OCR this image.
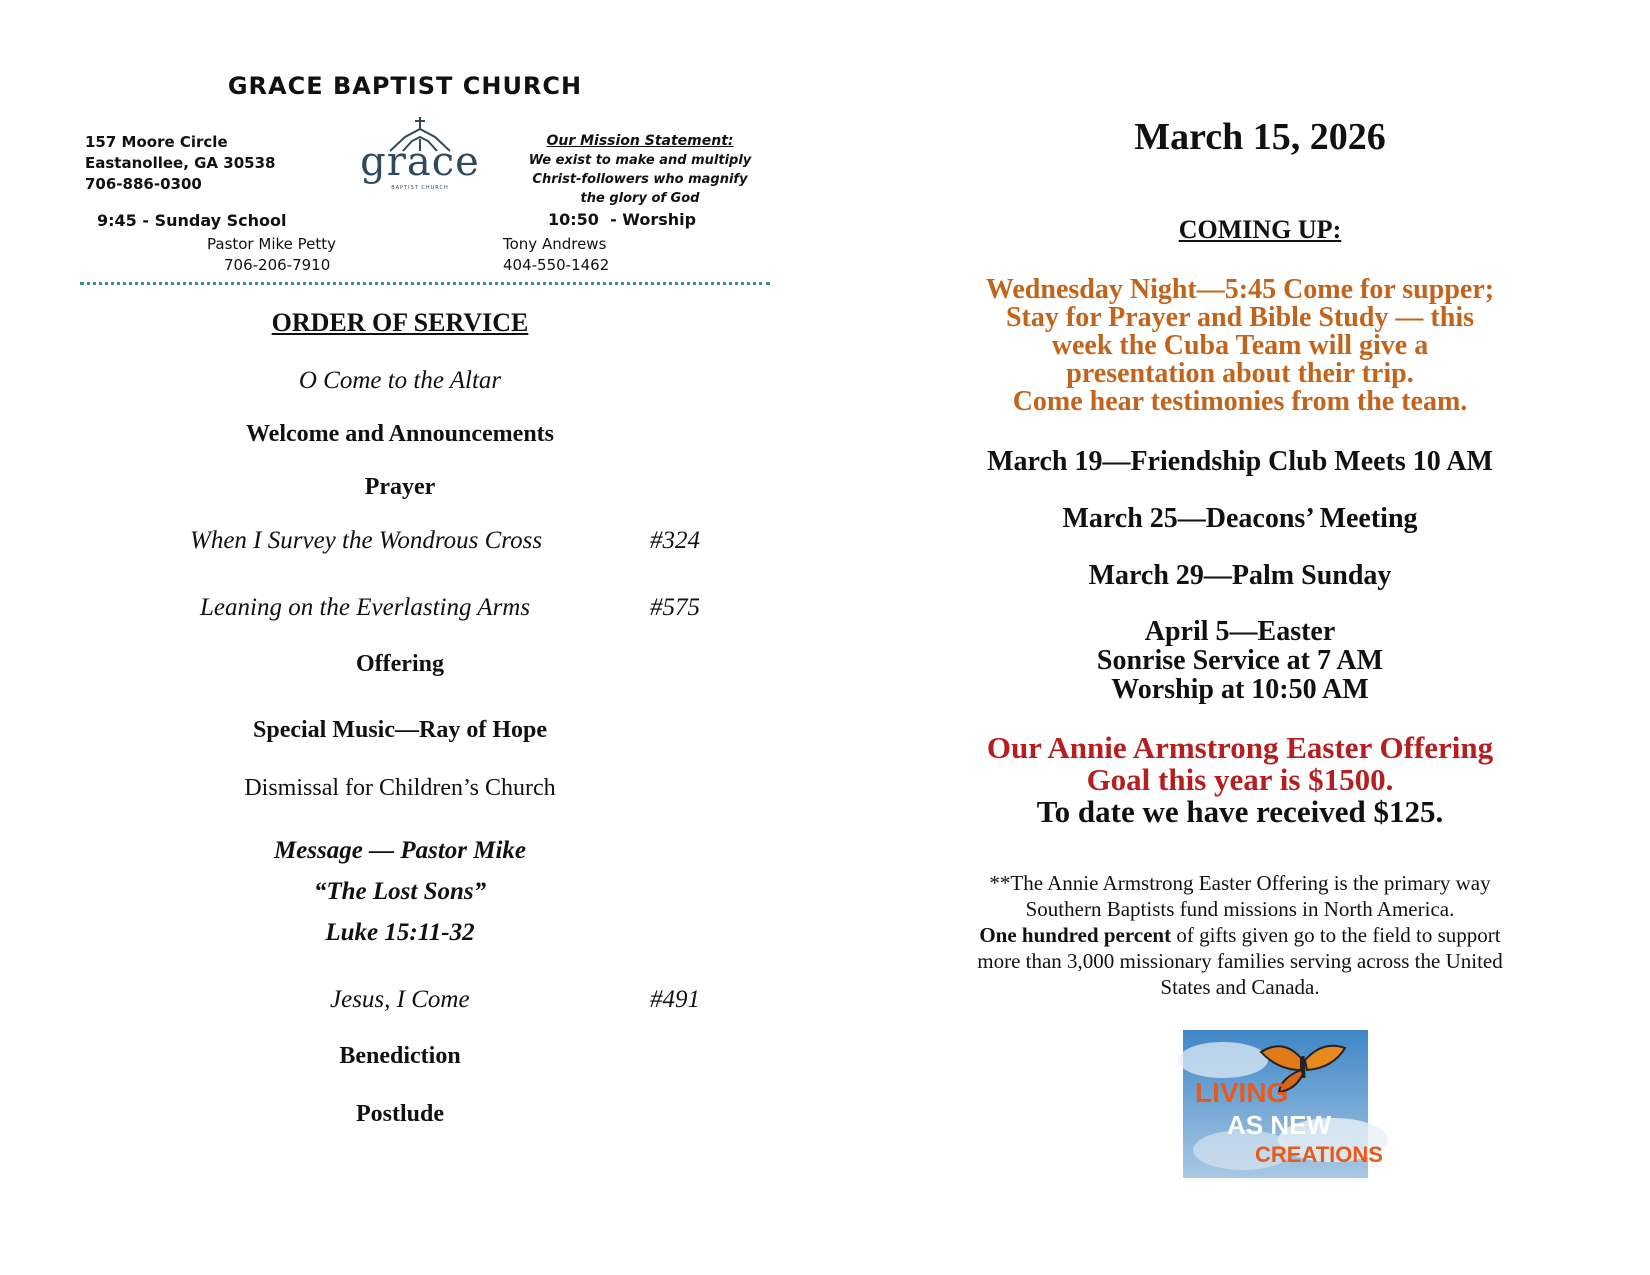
GRACE BAPTIST CHURCH
157 Moore Circle
Eastanollee, GA 30538
706-886-0300	grace
BAPTIST CHURCH
Our Mission Statement:
We exist to make and multiply
Christ-followers who magnify
the glory of God
9:45 - Sunday School	10:50  - Worship
Pastor Mike Petty
706-206-7910
Tony Andrews
404-550-1462
ORDER OF SERVICE
O Come to the Altar
Welcome and Announcements
Prayer
When I Survey the Wondrous Cross	#324
Leaning on the Everlasting Arms	#575
Offering
Special Music—Ray of Hope
Dismissal for Children’s Church
Message — Pastor Mike
“The Lost Sons”
Luke 15:11-32
Jesus, I Come	#491
Benediction
Postlude
March 15, 2026
COMING UP:
Wednesday Night—5:45 Come for supper;
Stay for Prayer and Bible Study — this
week the Cuba Team will give a
presentation about their trip.
Come hear testimonies from the team.
March 19—Friendship Club Meets 10 AM
March 25—Deacons’ Meeting
March 29—Palm Sunday
April 5—Easter
Sonrise Service at 7 AM
Worship at 10:50 AM
Our Annie Armstrong Easter Offering
Goal this year is $1500.
To date we have received $125.
**The Annie Armstrong Easter Offering is the primary way
Southern Baptists fund missions in North America.
One hundred percent of gifts given go to the field to support
more than 3,000 missionary families serving across the United
States and Canada.
LIVING
AS NEW
CREATIONS
